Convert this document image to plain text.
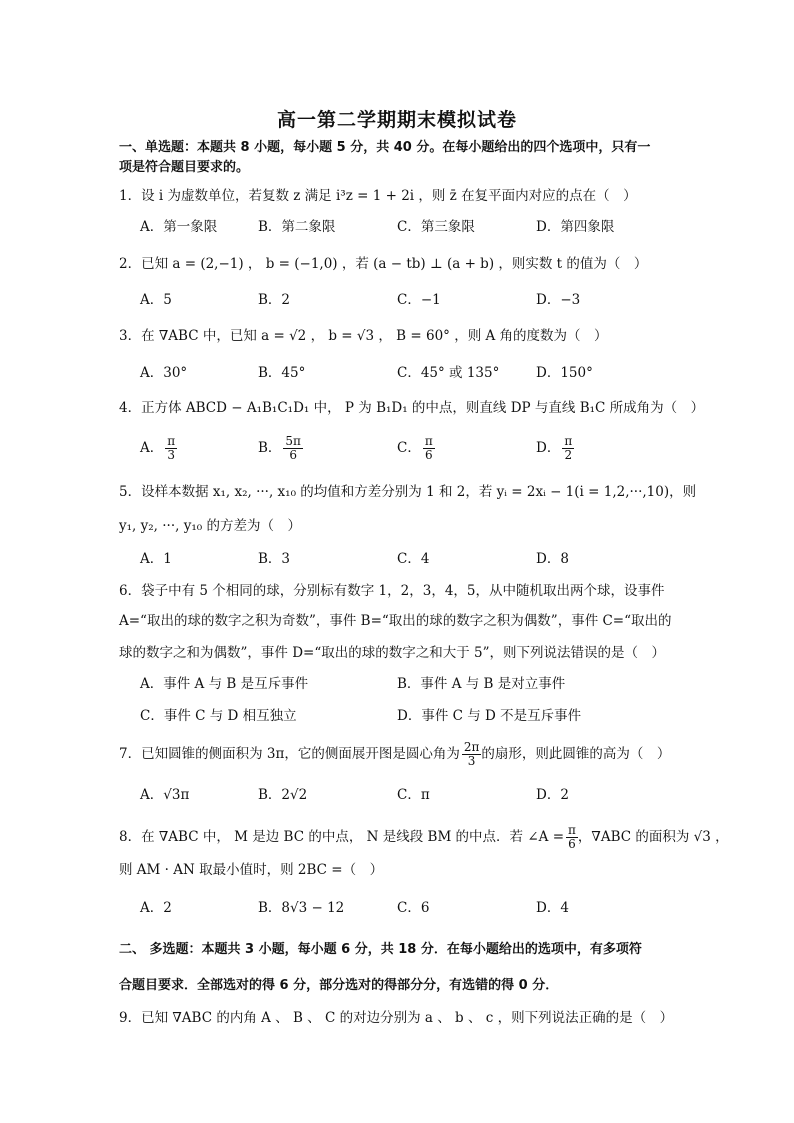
高一第二学期期末模拟试卷
一、单选题：本题共 8 小题，每小题 5 分，共 40 分。在每小题给出的四个选项中，只有一
项是符合题目要求的。
1．设 i 为虚数单位，若复数 z 满足 i³z = 1 + 2i ，则 z̄ 在复平面内对应的点在（　）
A．第一象限	B．第二象限	C．第三象限	D．第四象限
2．已知 a = (2,−1) ， b = (−1,0) ，若 (a − tb) ⊥ (a + b) ，则实数 t 的值为（　）
A．5	B．2	C．−1	D．−3
3．在 ∇ABC 中，已知 a = √2 ， b = √3 ， B = 60° ，则 A 角的度数为（　）
A．30°	B．45°	C．45° 或 135°	D．150°
4．正方体 ABCD − A₁B₁C₁D₁ 中， P 为 B₁D₁ 的中点，则直线 DP 与直线 B₁C 所成角为（　）
A． $\frac{\pi}{3}$	B． $\frac{5\pi}{6}$	C． $\frac{\pi}{6}$	D． $\frac{\pi}{2}$
5．设样本数据 x₁, x₂, ···, x₁₀ 的均值和方差分别为 1 和 2，若 yᵢ = 2xᵢ − 1(i = 1,2,···,10)，则
y₁, y₂, ···, y₁₀ 的方差为（　）
A．1	B．3	C．4	D．8
6．袋子中有 5 个相同的球，分别标有数字 1，2，3，4，5，从中随机取出两个球，设事件
A=“取出的球的数字之积为奇数”，事件 B=“取出的球的数字之积为偶数”，事件 C=“取出的
球的数字之和为偶数”，事件 D=“取出的球的数字之和大于 5”，则下列说法错误的是（　）
A．事件 A 与 B 是互斥事件	B．事件 A 与 B 是对立事件
C．事件 C 与 D 相互独立	D．事件 C 与 D 不是互斥事件
7．已知圆锥的侧面积为 3π，它的侧面展开图是圆心角为 $\frac{2\pi}{3}$ 的扇形，则此圆锥的高为（　）
A．√3π	B．2√2	C．π	D．2
8．在 ∇ABC 中， M 是边 BC 的中点， N 是线段 BM 的中点．若 ∠A = $\frac{\pi}{6}$ ，∇ABC 的面积为 √3 ，
则 AM · AN 取最小值时，则 2BC =（　）
A．2	B．8√3 − 12	C．6	D．4
二、 多选题：本题共 3 小题，每小题 6 分，共 18 分．在每小题给出的选项中，有多项符
合题目要求．全部选对的得 6 分，部分选对的得部分分，有选错的得 0 分．
9．已知 ∇ABC 的内角 A 、 B 、 C 的对边分别为 a 、 b 、 c ，则下列说法正确的是（　）
